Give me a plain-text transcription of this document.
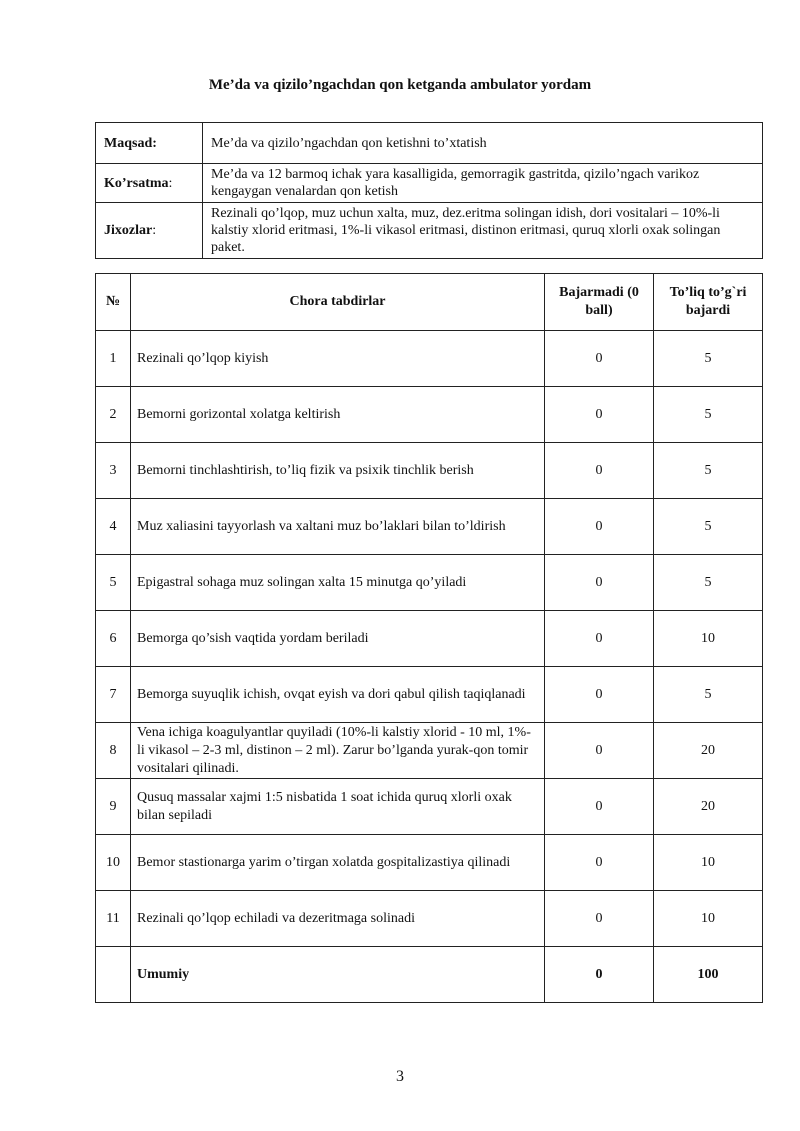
Me’da va qizilo’ngachdan qon ketganda ambulator yordam
Maqsad:	Me’da va qizilo’ngachdan qon ketishni to’xtatish
Ko’rsatma:	Me’da va 12 barmoq ichak yara kasalligida, gemorragik gastritda, qizilo’ngach varikoz kengaygan venalardan qon ketish
Jixozlar:	Rezinali qo’lqop, muz uchun xalta, muz, dez.eritma solingan idish, dori vositalari – 10%-li kalstiy xlorid eritmasi, 1%-li vikasol eritmasi, distinon eritmasi, quruq xlorli oxak solingan paket.
№	Chora tabdirlar	Bajarmadi (0 ball)	To’liq to’g`ri bajardi
1	Rezinali qo’lqop kiyish	0	5
2	Bemorni gorizontal xolatga keltirish	0	5
3	Bemorni tinchlashtirish, to’liq fizik va psixik tinchlik berish	0	5
4	Muz xaliasini tayyorlash va xaltani muz bo’laklari bilan to’ldirish	0	5
5	Epigastral sohaga muz solingan xalta 15 minutga qo’yiladi	0	5
6	Bemorga qo’sish vaqtida yordam beriladi	0	10
7	Bemorga suyuqlik ichish, ovqat eyish va dori qabul qilish taqiqlanadi	0	5
8	Vena ichiga koagulyantlar quyiladi (10%-li kalstiy xlorid - 10 ml, 1%-li vikasol – 2-3 ml, distinon – 2 ml). Zarur bo’lganda yurak-qon tomir vositalari qilinadi.	0	20
9	Qusuq massalar xajmi 1:5 nisbatida 1 soat ichida quruq xlorli oxak bilan sepiladi	0	20
10	Bemor stastionarga yarim o’tirgan xolatda gospitalizastiya qilinadi	0	10
11	Rezinali qo’lqop echiladi va dezeritmaga solinadi	0	10
	Umumiy	0	100
3
